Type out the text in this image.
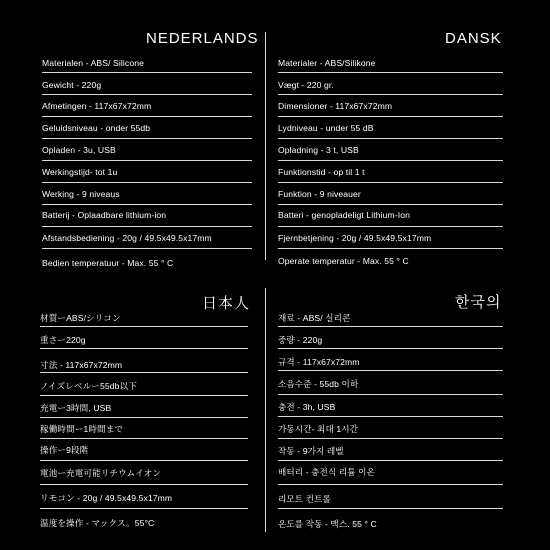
NEDERLANDS
Materialen - ABS/ Silicone
Gewicht - 220g
Afmetingen - 117x67x72mm
Geluidsniveau - onder 55db
Opladen - 3u, USB
Werkingstijd- tot 1u
Werking - 9 niveaus
Batterij - Oplaadbare lithium-ion
Afstandsbediening - 20g / 49.5x49.5x17mm
Bedien temperatuur - Max. 55 ° C
DANSK
Materialer - ABS/Silikone
Vægt - 220 gr.
Dimensioner - 117x67x72mm
Lydniveau - under 55 dB
Opladning - 3 t, USB
Funktionstid - op til 1 t
Funktion - 9 niveauer
Batteri - genopladeligt Lithium-Ion
Fjernbetjening - 20g / 49.5x49.5x17mm
Operate temperatur - Max. 55 ° C
日本人
材質ーABS/シリコン
重さー220g
寸法 - 117x67x72mm
ノイズレベルー55db以下
充電ー3時間, USB
稼働時間ー1時間まで
操作ー9段階
電池ー充電可能リチウムイオン
リモコン - 20g / 49.5x49.5x17mm
温度を操作 - マックス。55°C
한국의
재료 - ABS/ 실리콘
중량 - 220g
규격 - 117x67x72mm
소음수준 - 55db 이하
충전 - 3h, USB
가동시간- 최대 1시간
작동 - 9가지 레벨
배터리 - 충전식 리튬 이온
리모트 컨트롤
온도를 작동 - 맥스. 55 ° C
